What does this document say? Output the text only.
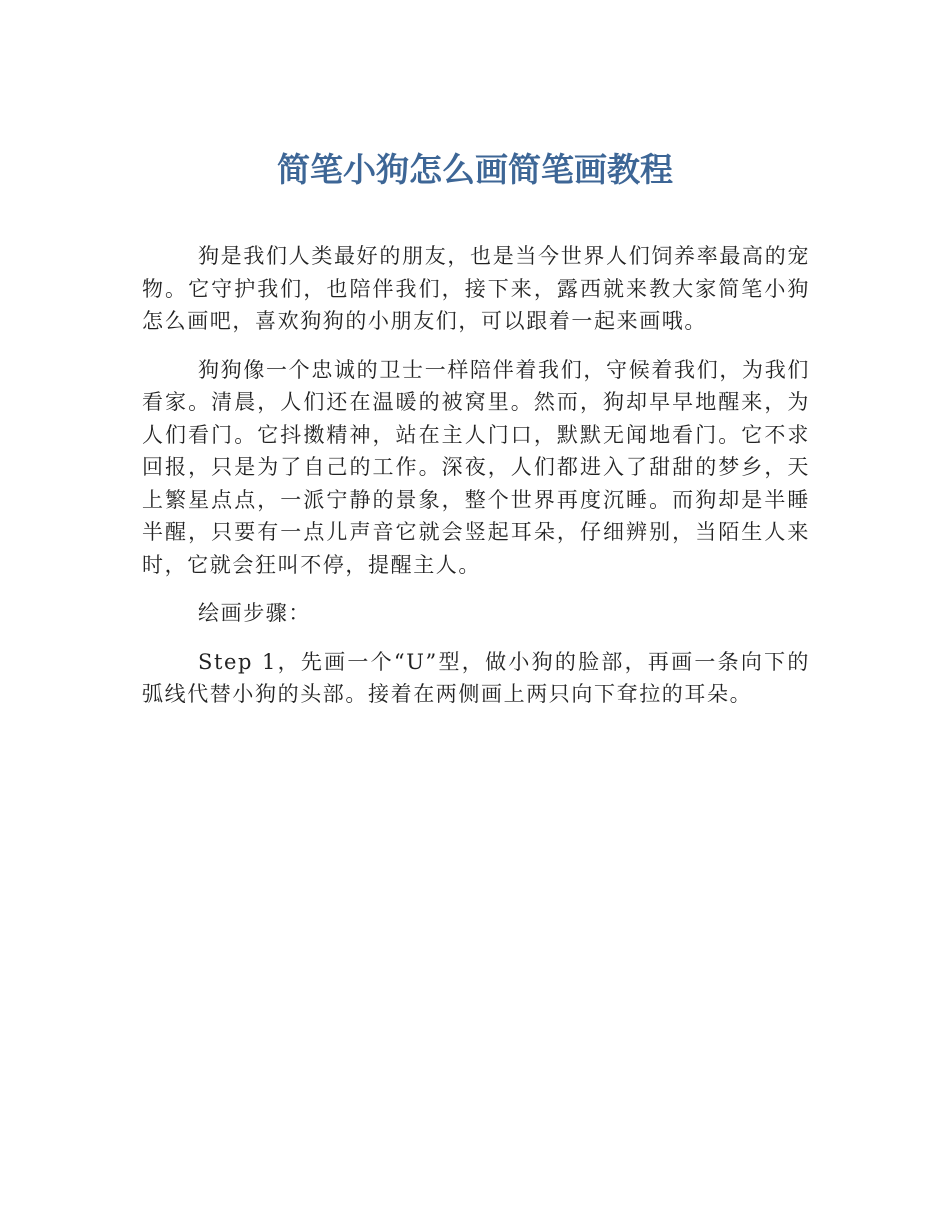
简笔小狗怎么画简笔画教程

狗是我们人类最好的朋友，也是当今世界人们饲养率最高的宠物。它守护我们，也陪伴我们，接下来，露西就来教大家简笔小狗怎么画吧，喜欢狗狗的小朋友们，可以跟着一起来画哦。

狗狗像一个忠诚的卫士一样陪伴着我们，守候着我们，为我们看家。清晨，人们还在温暖的被窝里。然而，狗却早早地醒来，为人们看门。它抖擞精神，站在主人门口，默默无闻地看门。它不求回报，只是为了自己的工作。深夜，人们都进入了甜甜的梦乡，天上繁星点点，一派宁静的景象，整个世界再度沉睡。而狗却是半睡半醒，只要有一点儿声音它就会竖起耳朵，仔细辨别，当陌生人来时，它就会狂叫不停，提醒主人。

绘画步骤：

Step 1，先画一个“U”型，做小狗的脸部，再画一条向下的弧线代替小狗的头部。接着在两侧画上两只向下耷拉的耳朵。
